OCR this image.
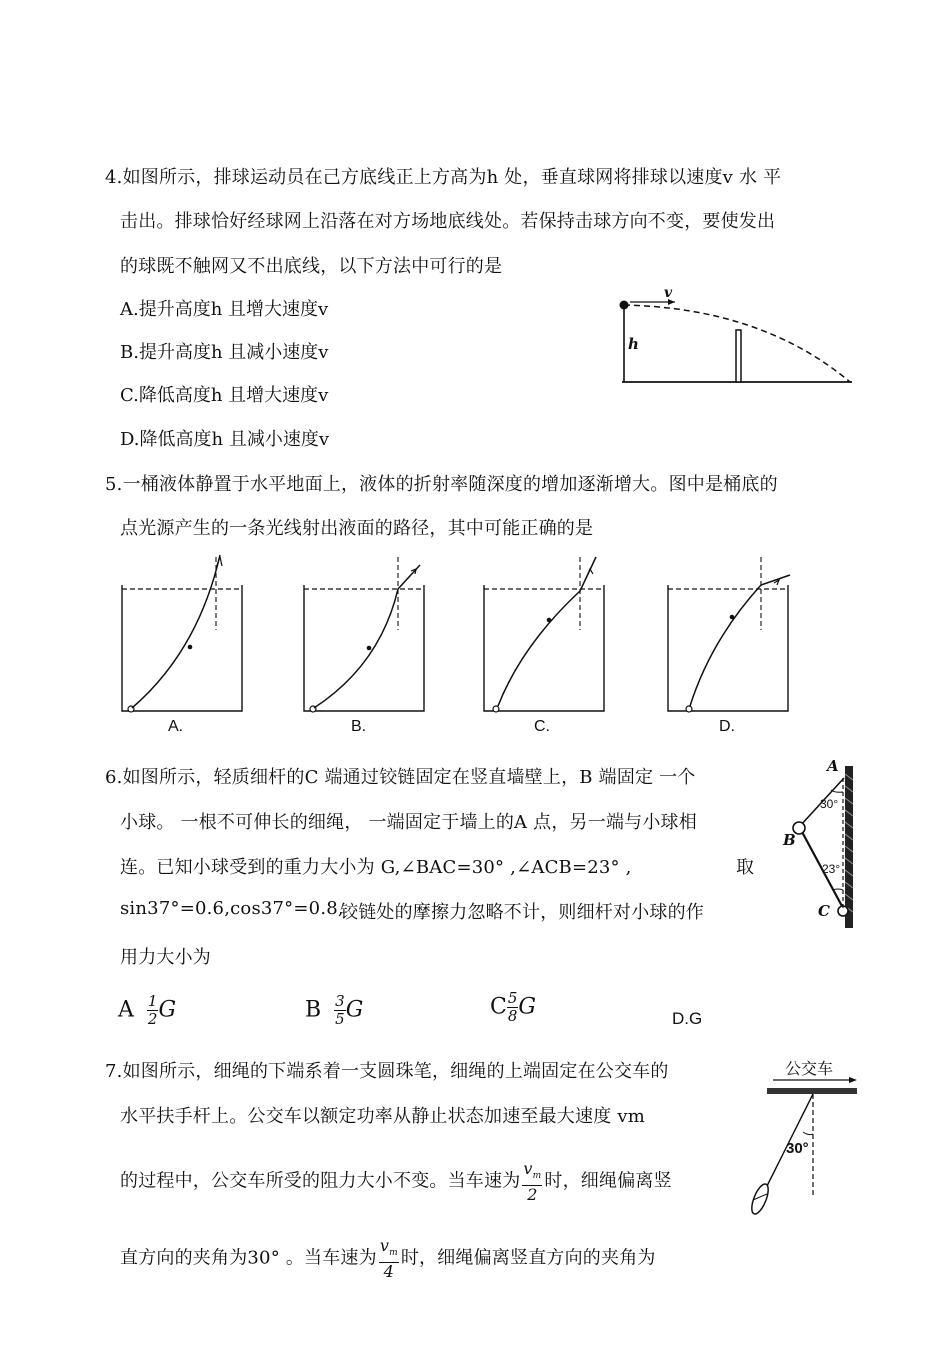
4.如图所示，排球运动员在己方底线正上方高为h 处，垂直球网将排球以速度v 水 平
击出。排球恰好经球网上沿落在对方场地底线处。若保持击球方向不变，要使发出
的球既不触网又不出底线，以下方法中可行的是
A.提升高度h 且增大速度v
B.提升高度h 且减小速度v
C.降低高度h 且增大速度v
D.降低高度h 且减小速度v
v
h
5.一桶液体静置于水平地面上，液体的折射率随深度的增加逐渐增大。图中是桶底的
点光源产生的一条光线射出液面的路径，其中可能正确的是
A.	B.	C.	D.
6.如图所示，轻质细杆的C 端通过铰链固定在竖直墙壁上，B 端固定 一个
小球。 一根不可伸长的细绳， 一端固定于墙上的A 点，另一端与小球相
连。已知小球受到的重力大小为 G,∠BAC=30° ,∠ACB=23° ,	取
sin37°=0.6,cos37°=0.8,
铰链处的摩擦力忽略不计，则细杆对小球的作
用力大小为
A $\frac{1}{2}$ G	B $\frac{3}{5}$ G	C $\frac{5}{8}$ G	D.G
A
B
C
30°
23°
7.如图所示，细绳的下端系着一支圆珠笔，细绳的上端固定在公交车的
水平扶手杆上。公交车以额定功率从静止状态加速至最大速度 vm
的过程中，公交车所受的阻力大小不变。当车速为 $\frac{v_m}{2}$ 时，细绳偏离竖
直方向的夹角为30° 。当车速为 $\frac{v_m}{4}$ 时，细绳偏离竖直方向的夹角为
公交车
30°
